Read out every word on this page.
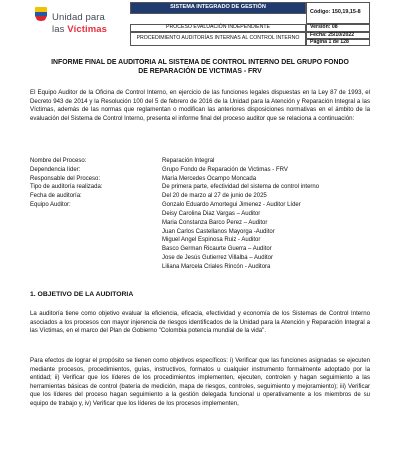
Unidad para
las Víctimas
SISTEMA INTEGRADO DE GESTIÓN
PROCESO EVALUACIÓN INDEPENDIENTE
PROCEDIMIENTO AUDITORÍAS INTERNAS AL CONTROL INTERNO
Código: 150,19,15-8
Versión: 08
Fecha: 25/10/2022
Página 1 de 128
INFORME FINAL DE AUDITORIA AL SISTEMA DE CONTROL INTERNO DEL GRUPO FONDO
DE REPARACIÓN DE VICTIMAS - FRV
El Equipo Auditor de la Oficina de Control Interno, en ejercicio de las funciones legales dispuestas en la Ley 87 de 1993, el Decreto 943 de 2014 y la Resolución 100 del 5 de febrero de 2016 de la Unidad para la Atención y Reparación Integral a las Víctimas, además de las normas que reglamentan o modifican las anteriores disposiciones normativas en el ámbito de la evaluación del Sistema de Control Interno, presenta el informe final del proceso auditor que se relaciona a continuación:
Nombre del Proceso:	Reparación Integral
Dependencia líder:	Grupo Fondo de Reparación de Victimas - FRV
Responsable del Proceso:	María Mercedes Ocampo Moncada
Tipo de auditoría realizada:	De primera parte, efectividad del sistema de control interno
Fecha de auditoría:	Del 20 de marzo al 27 de junio de 2025
Equipo Auditor:	Gonzalo Eduardo Amortegui Jimenez - Auditor Líder
Deisy Carolina Diaz Vargas – Auditor
Maria Constanza Barco Perez – Auditor
Juan Carlos Castellanos Mayorga -Auditor
Miguel Angel Espinosa Ruiz - Auditor
Basco German Ricaurte Guerra – Auditor
Jose de Jesús Gutierrez Villalba – Auditor
Liliana Marcela Criales Rincón - Auditora
1. OBJETIVO DE LA AUDITORIA
La auditoría tiene como objetivo evaluar la eficiencia, eficacia, efectividad y economía de los Sistemas de Control Interno asociados a los procesos con mayor injerencia de riesgos identificados de la Unidad para la Atención y Reparación Integral a las Víctimas, en el marco del Plan de Gobierno "Colombia potencia mundial de la vida".
Para efectos de lograr el propósito se tienen como objetivos específicos: i) Verificar que las funciones asignadas se ejecuten mediante procesos, procedimientos, guías, instructivos, formatos u cualquier instrumento formalmente adoptado por la entidad; ii) Verificar que los líderes de los procedimientos implementen, ejecuten, controlen y hagan seguimiento a las herramientas básicas de control (batería de medición, mapa de riesgos, controles, seguimiento y mejoramiento); iii) Verificar que los líderes del proceso hagan seguimiento a la gestión delegada funcional u operativamente a los miembros de su equipo de trabajo y, iv) Verificar que los líderes de los procesos implementen,
